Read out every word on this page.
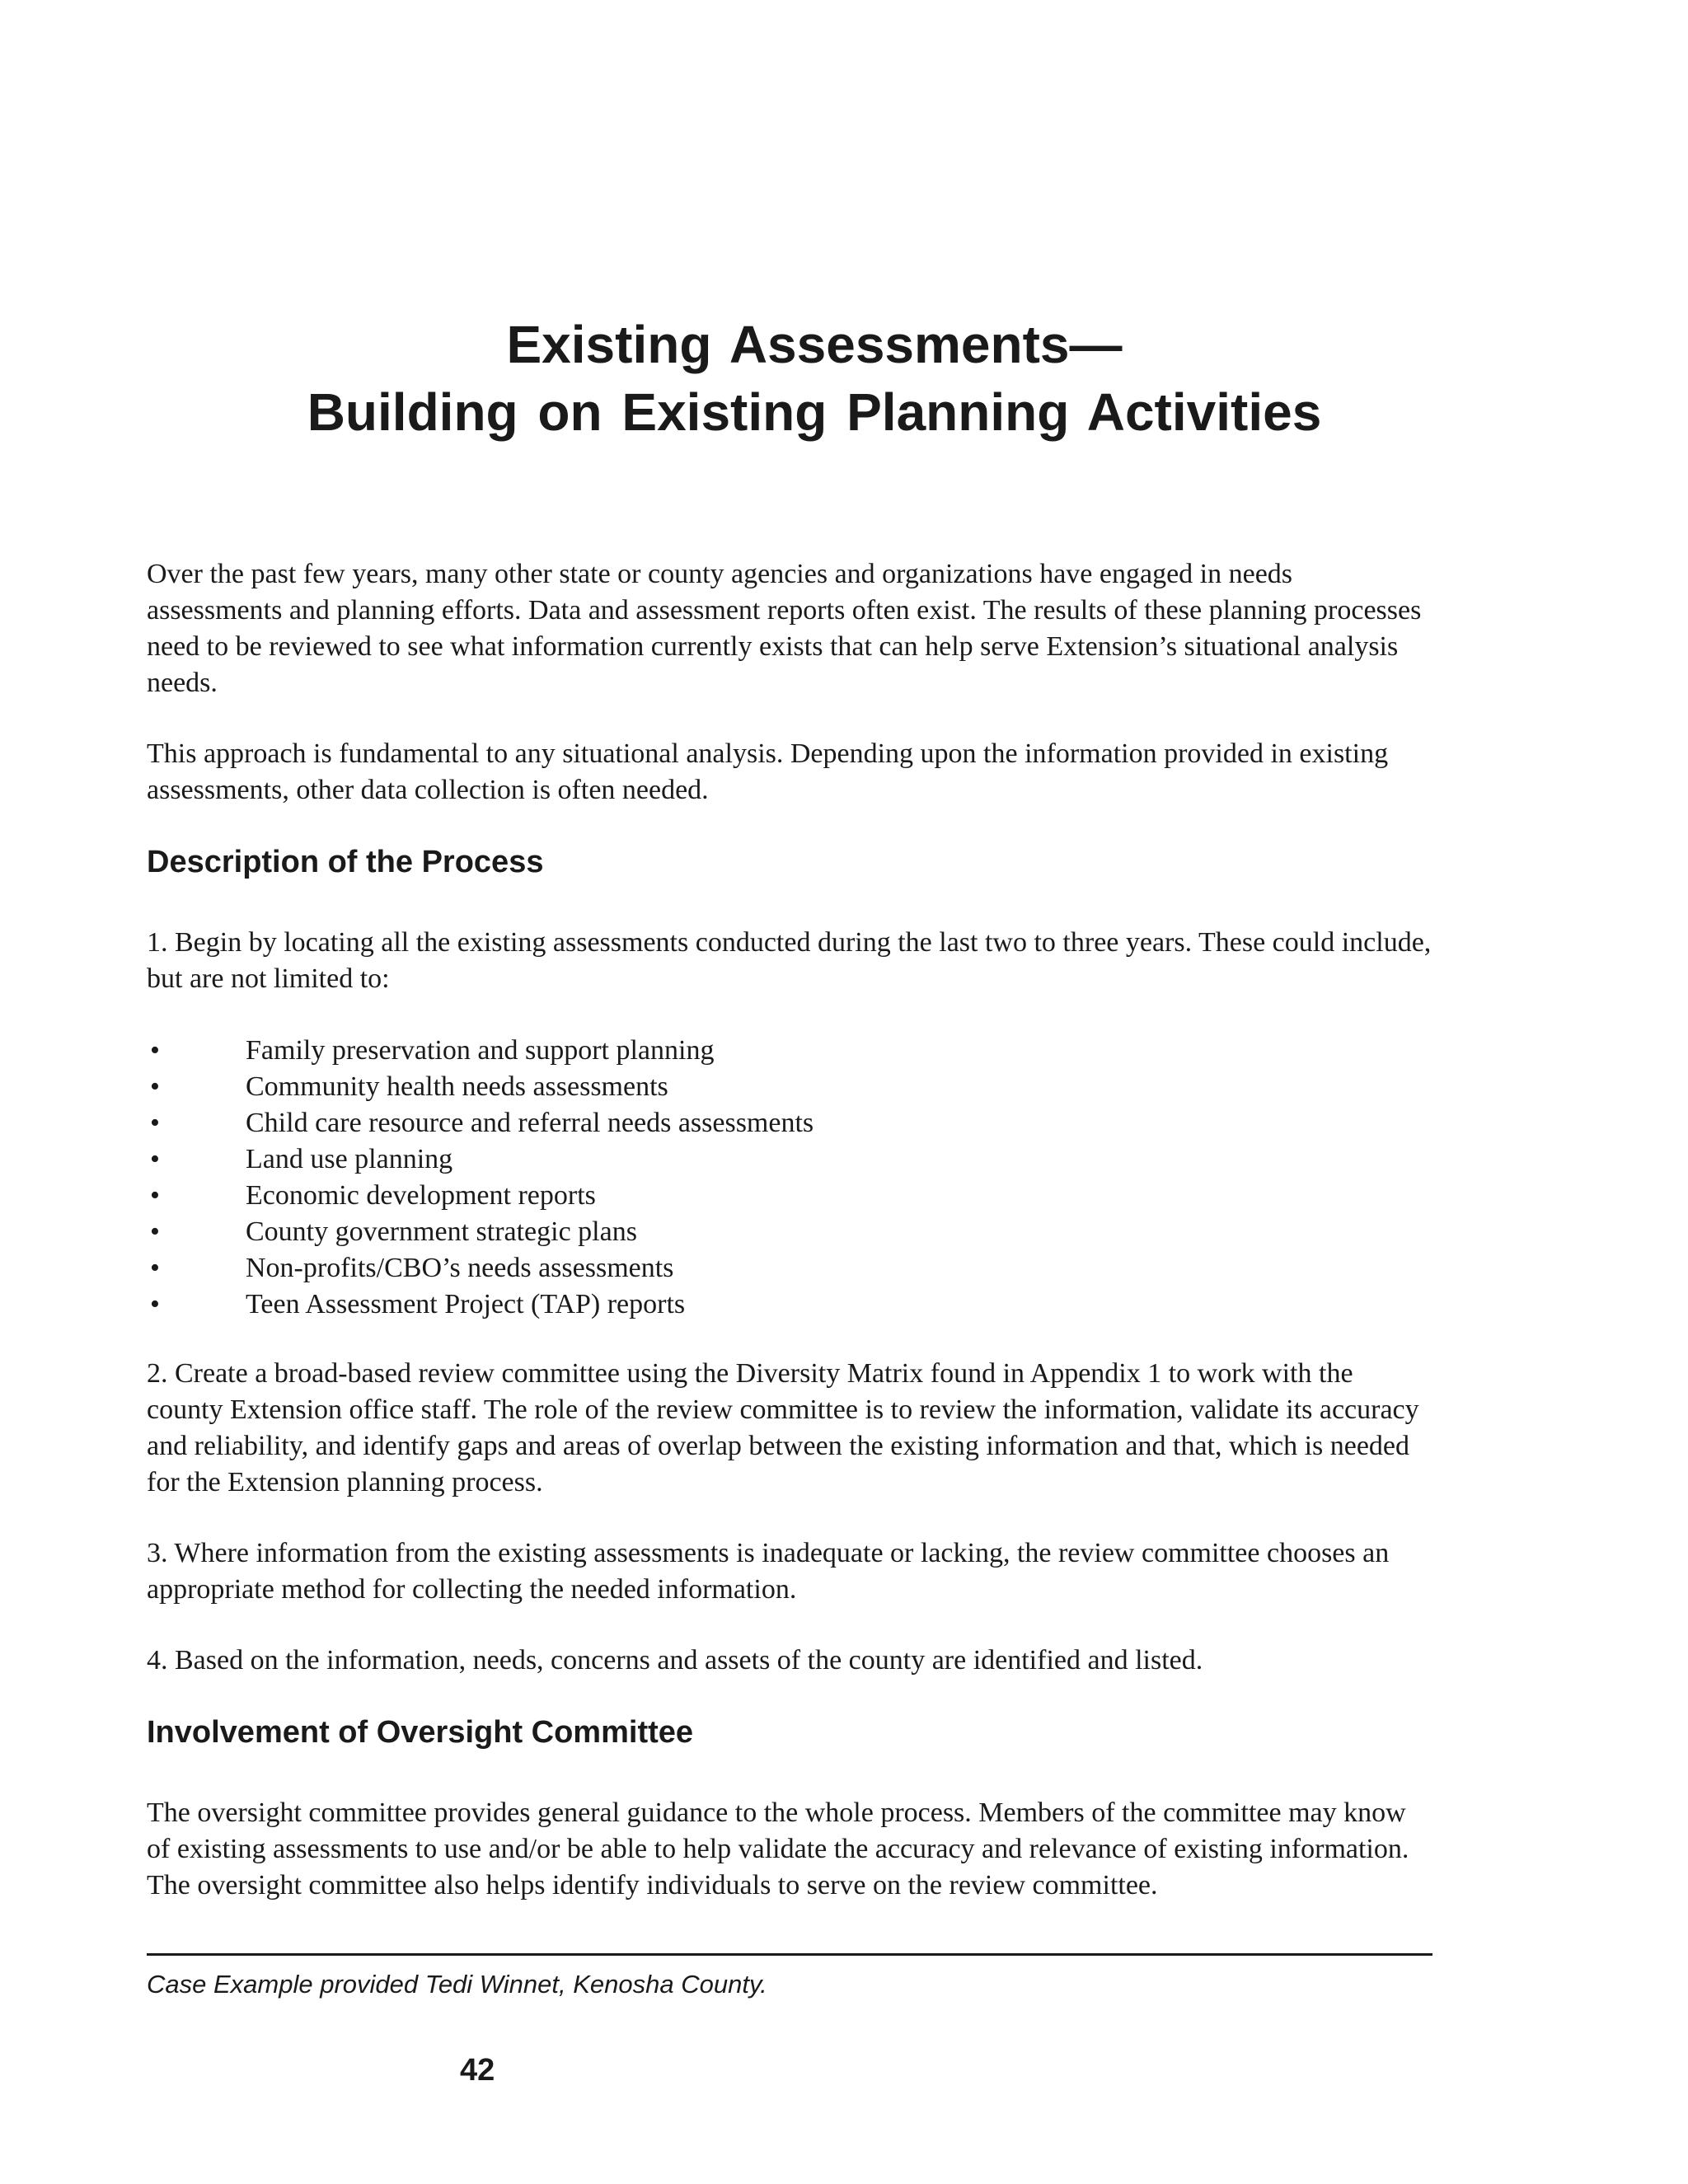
Existing Assessments—
Building on Existing Planning Activities

Over the past few years, many other state or county agencies and organizations have engaged in needs assessments and planning efforts. Data and assessment reports often exist. The results of these planning processes need to be reviewed to see what information currently exists that can help serve Extension’s situational analysis needs.

This approach is fundamental to any situational analysis. Depending upon the information provided in existing assessments, other data collection is often needed.

Description of the Process

1. Begin by locating all the existing assessments conducted during the last two to three years. These could include, but are not limited to:

•	Family preservation and support planning
•	Community health needs assessments
•	Child care resource and referral needs assessments
•	Land use planning
•	Economic development reports
•	County government strategic plans
•	Non-profits/CBO’s needs assessments
•	Teen Assessment Project (TAP) reports

2. Create a broad-based review committee using the Diversity Matrix found in Appendix 1 to work with the county Extension office staff. The role of the review committee is to review the information, validate its accuracy and reliability, and identify gaps and areas of overlap between the existing information and that, which is needed for the Extension planning process.

3. Where information from the existing assessments is inadequate or lacking, the review committee chooses an appropriate method for collecting the needed information.

4. Based on the information, needs, concerns and assets of the county are identified and listed.

Involvement of Oversight Committee

The oversight committee provides general guidance to the whole process. Members of the committee may know of existing assessments to use and/or be able to help validate the accuracy and relevance of existing information. The oversight committee also helps identify individuals to serve on the review committee.

Case Example provided Tedi Winnet, Kenosha County.

42
